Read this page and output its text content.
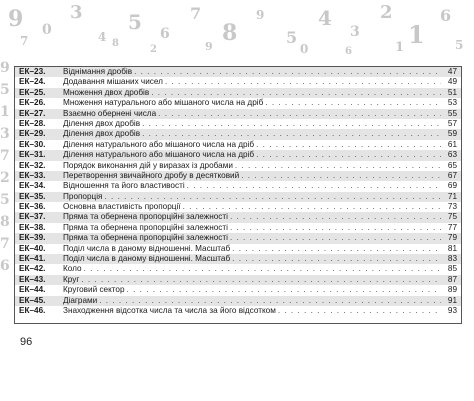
9 0
3
4
5 6
7
8
9
5
4
3
2
1
6
7	8	9	0	1
2	6	5
9
5
1
3
7
2
5
8
7
6
ЕК–23.	Віднімання дробів . . .	47
ЕК–24.	Додавання мішаних чисел . . .	49
ЕК–25.	Множення двох дробів . . .	51
ЕК–26.	Множення натурального або мішаного числа на дріб . . .	53
ЕК–27.	Взаємно обернені числа . . .	55
ЕК–28.	Ділення двох дробів . . .	57
ЕК–29.	Ділення двох дробів . . .	59
ЕК–30.	Ділення натурального або мішаного числа на дріб . . .	61
ЕК–31.	Ділення натурального або мішаного числа на дріб . . .	63
ЕК–32.	Порядок виконання дій у виразах із дробами . . .	65
ЕК–33.	Перетворення звичайного дробу в десятковий . . .	67
ЕК–34.	Відношення та його властивості . . .	69
ЕК–35.	Пропорція . . .	71
ЕК–36.	Основна властивість пропорції . . .	73
ЕК–37.	Пряма та обернена пропорційні залежності . . .	75
ЕК–38.	Пряма та обернена пропорційні залежності . . .	77
ЕК–39.	Пряма та обернена пропорційні залежності . . .	79
ЕК–40.	Поділ числа в даному відношенні. Масштаб . . .	81
ЕК–41.	Поділ числа в даному відношенні. Масштаб . . .	83
ЕК–42.	Коло . . .	85
ЕК–43.	Круг . . .	87
ЕК–44.	Круговий сектор . . .	89
ЕК–45.	Діаграми . . .	91
ЕК–46.	Знаходження відсотка числа та числа за його відсотком . . .	93
96
